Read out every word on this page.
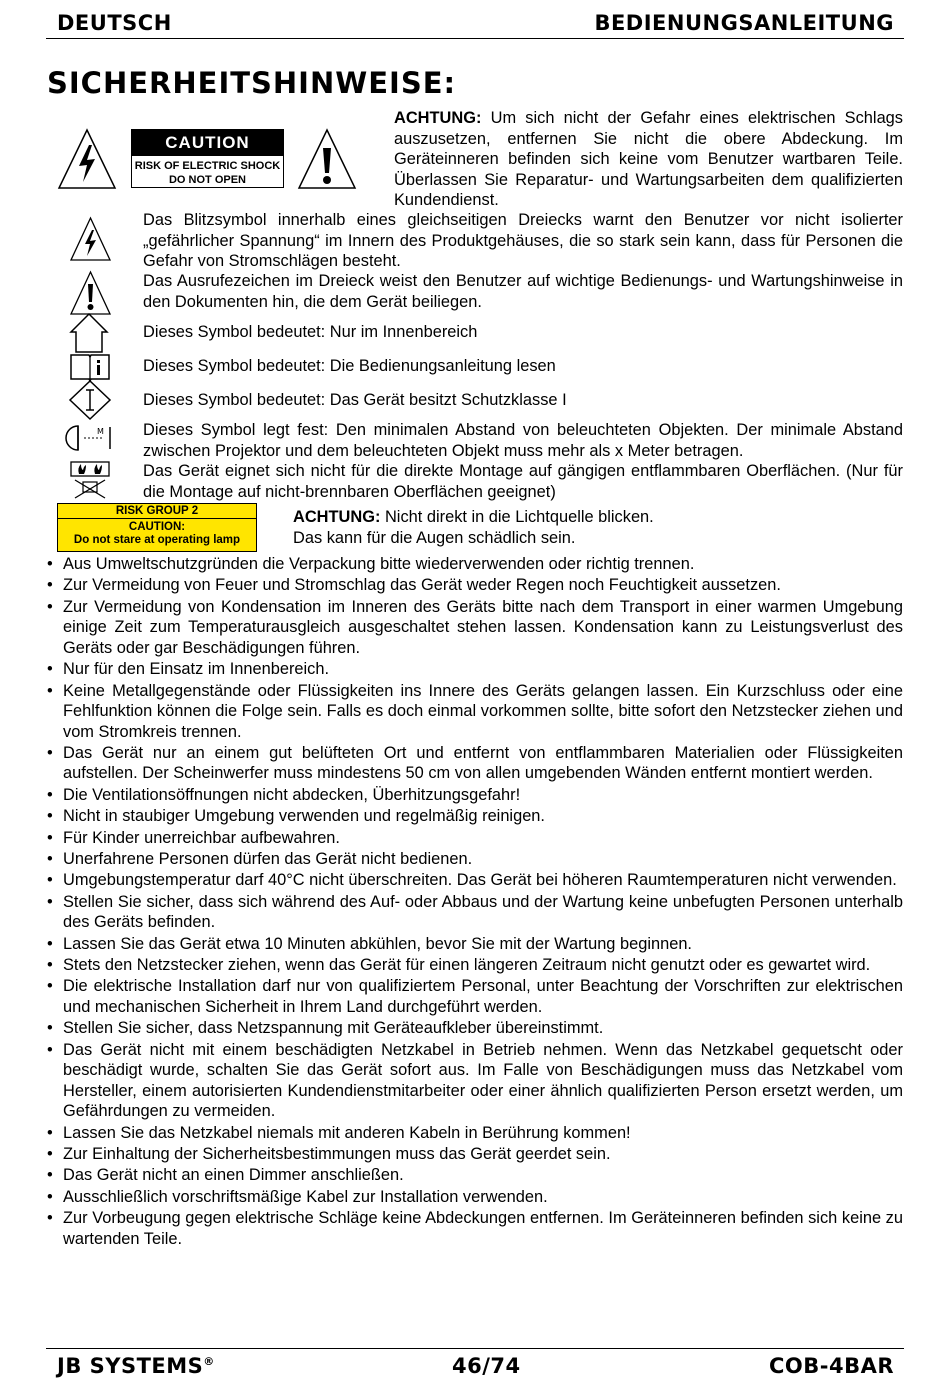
DEUTSCH	BEDIENUNGSANLEITUNG
SICHERHEITSHINWEISE:
CAUTION
RISK OF ELECTRIC SHOCK
DO NOT OPEN
ACHTUNG: Um sich nicht der Gefahr eines elektrischen Schlags auszusetzen, entfernen Sie nicht die obere Abdeckung. Im Geräteinneren befinden sich keine vom Benutzer wartbaren Teile. Überlassen Sie Reparatur- und Wartungsarbeiten dem qualifizierten Kundendienst.
Das Blitzsymbol innerhalb eines gleichseitigen Dreiecks warnt den Benutzer vor nicht isolierter „gefährlicher Spannung“ im Innern des Produktgehäuses, die so stark sein kann, dass für Personen die Gefahr von Stromschlägen besteht.
Das Ausrufezeichen im Dreieck weist den Benutzer auf wichtige Bedienungs- und Wartungshinweise in den Dokumenten hin, die dem Gerät beiliegen.
Dieses Symbol bedeutet: Nur im Innenbereich
Dieses Symbol bedeutet: Die Bedienungsanleitung lesen
Dieses Symbol bedeutet: Das Gerät besitzt Schutzklasse I
M Dieses Symbol legt fest: Den minimalen Abstand von beleuchteten Objekten. Der minimale Abstand zwischen Projektor und dem beleuchteten Objekt muss mehr als x Meter betragen.
Das Gerät eignet sich nicht für die direkte Montage auf gängigen entflammbaren Oberflächen. (Nur für die Montage auf nicht-brennbaren Oberflächen geeignet)
RISK GROUP 2
CAUTION:
Do not stare at operating lamp
ACHTUNG: Nicht direkt in die Lichtquelle blicken.
Das kann für die Augen schädlich sein.
• Aus Umweltschutzgründen die Verpackung bitte wiederverwenden oder richtig trennen.
• Zur Vermeidung von Feuer und Stromschlag das Gerät weder Regen noch Feuchtigkeit aussetzen.
• Zur Vermeidung von Kondensation im Inneren des Geräts bitte nach dem Transport in einer warmen Umgebung einige Zeit zum Temperaturausgleich ausgeschaltet stehen lassen. Kondensation kann zu Leistungsverlust des Geräts oder gar Beschädigungen führen.
• Nur für den Einsatz im Innenbereich.
• Keine Metallgegenstände oder Flüssigkeiten ins Innere des Geräts gelangen lassen. Ein Kurzschluss oder eine Fehlfunktion können die Folge sein. Falls es doch einmal vorkommen sollte, bitte sofort den Netzstecker ziehen und vom Stromkreis trennen.
• Das Gerät nur an einem gut belüfteten Ort und entfernt von entflammbaren Materialien oder Flüssigkeiten aufstellen. Der Scheinwerfer muss mindestens 50 cm von allen umgebenden Wänden entfernt montiert werden.
• Die Ventilationsöffnungen nicht abdecken, Überhitzungsgefahr!
• Nicht in staubiger Umgebung verwenden und regelmäßig reinigen.
• Für Kinder unerreichbar aufbewahren.
• Unerfahrene Personen dürfen das Gerät nicht bedienen.
• Umgebungstemperatur darf 40°C nicht überschreiten. Das Gerät bei höheren Raumtemperaturen nicht verwenden.
• Stellen Sie sicher, dass sich während des Auf- oder Abbaus und der Wartung keine unbefugten Personen unterhalb des Geräts befinden.
• Lassen Sie das Gerät etwa 10 Minuten abkühlen, bevor Sie mit der Wartung beginnen.
• Stets den Netzstecker ziehen, wenn das Gerät für einen längeren Zeitraum nicht genutzt oder es gewartet wird.
• Die elektrische Installation darf nur von qualifiziertem Personal, unter Beachtung der Vorschriften zur elektrischen und mechanischen Sicherheit in Ihrem Land durchgeführt werden.
• Stellen Sie sicher, dass Netzspannung mit Geräteaufkleber übereinstimmt.
• Das Gerät nicht mit einem beschädigten Netzkabel in Betrieb nehmen. Wenn das Netzkabel gequetscht oder beschädigt wurde, schalten Sie das Gerät sofort aus. Im Falle von Beschädigungen muss das Netzkabel vom Hersteller, einem autorisierten Kundendienstmitarbeiter oder einer ähnlich qualifizierten Person ersetzt werden, um Gefährdungen zu vermeiden.
• Lassen Sie das Netzkabel niemals mit anderen Kabeln in Berührung kommen!
• Zur Einhaltung der Sicherheitsbestimmungen muss das Gerät geerdet sein.
• Das Gerät nicht an einen Dimmer anschließen.
• Ausschließlich vorschriftsmäßige Kabel zur Installation verwenden.
• Zur Vorbeugung gegen elektrische Schläge keine Abdeckungen entfernen. Im Geräteinneren befinden sich keine zu wartenden Teile.
JB SYSTEMS®	46/74	COB-4BAR
